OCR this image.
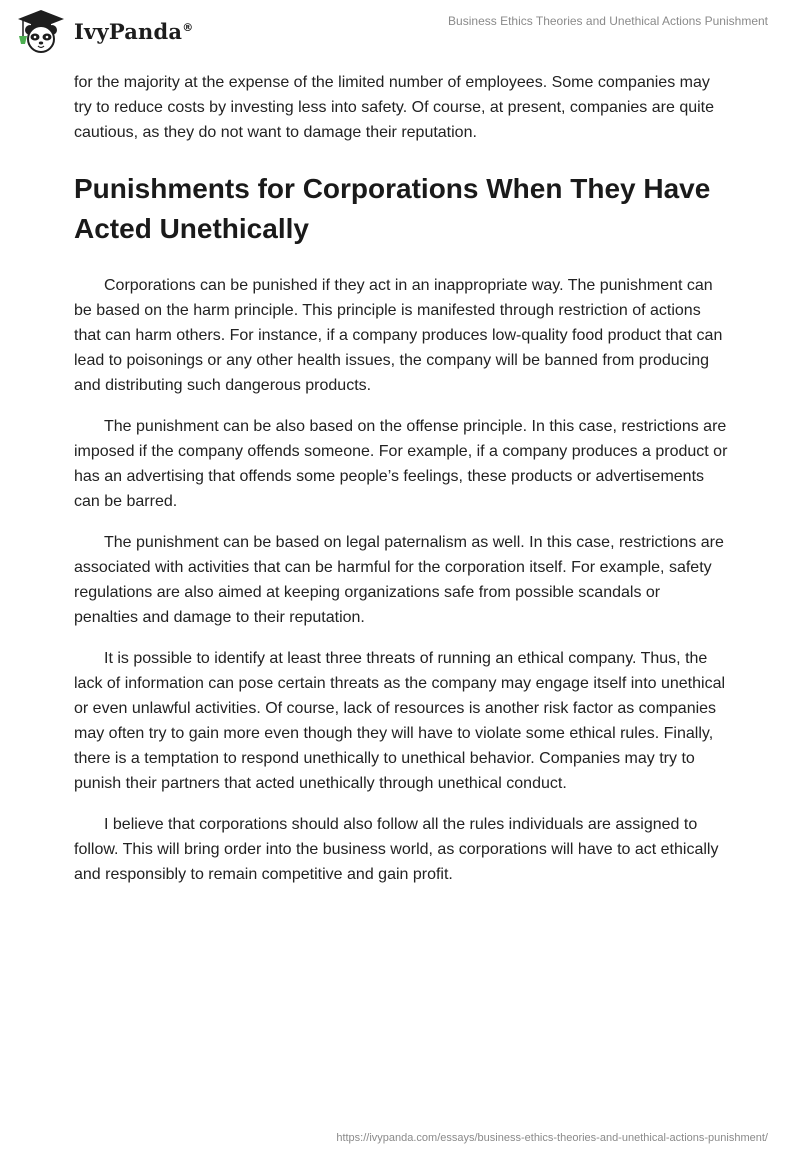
IvyPanda®	Business Ethics Theories and Unethical Actions Punishment

for the majority at the expense of the limited number of employees. Some companies may try to reduce costs by investing less into safety. Of course, at present, companies are quite cautious, as they do not want to damage their reputation.

Punishments for Corporations When They Have Acted Unethically

Corporations can be punished if they act in an inappropriate way. The punishment can be based on the harm principle. This principle is manifested through restriction of actions that can harm others. For instance, if a company produces low-quality food product that can lead to poisonings or any other health issues, the company will be banned from producing and distributing such dangerous products.

The punishment can be also based on the offense principle. In this case, restrictions are imposed if the company offends someone. For example, if a company produces a product or has an advertising that offends some people’s feelings, these products or advertisements can be barred.

The punishment can be based on legal paternalism as well. In this case, restrictions are associated with activities that can be harmful for the corporation itself. For example, safety regulations are also aimed at keeping organizations safe from possible scandals or penalties and damage to their reputation.

It is possible to identify at least three threats of running an ethical company. Thus, the lack of information can pose certain threats as the company may engage itself into unethical or even unlawful activities. Of course, lack of resources is another risk factor as companies may often try to gain more even though they will have to violate some ethical rules. Finally, there is a temptation to respond unethically to unethical behavior. Companies may try to punish their partners that acted unethically through unethical conduct.

I believe that corporations should also follow all the rules individuals are assigned to follow. This will bring order into the business world, as corporations will have to act ethically and responsibly to remain competitive and gain profit.

https://ivypanda.com/essays/business-ethics-theories-and-unethical-actions-punishment/
